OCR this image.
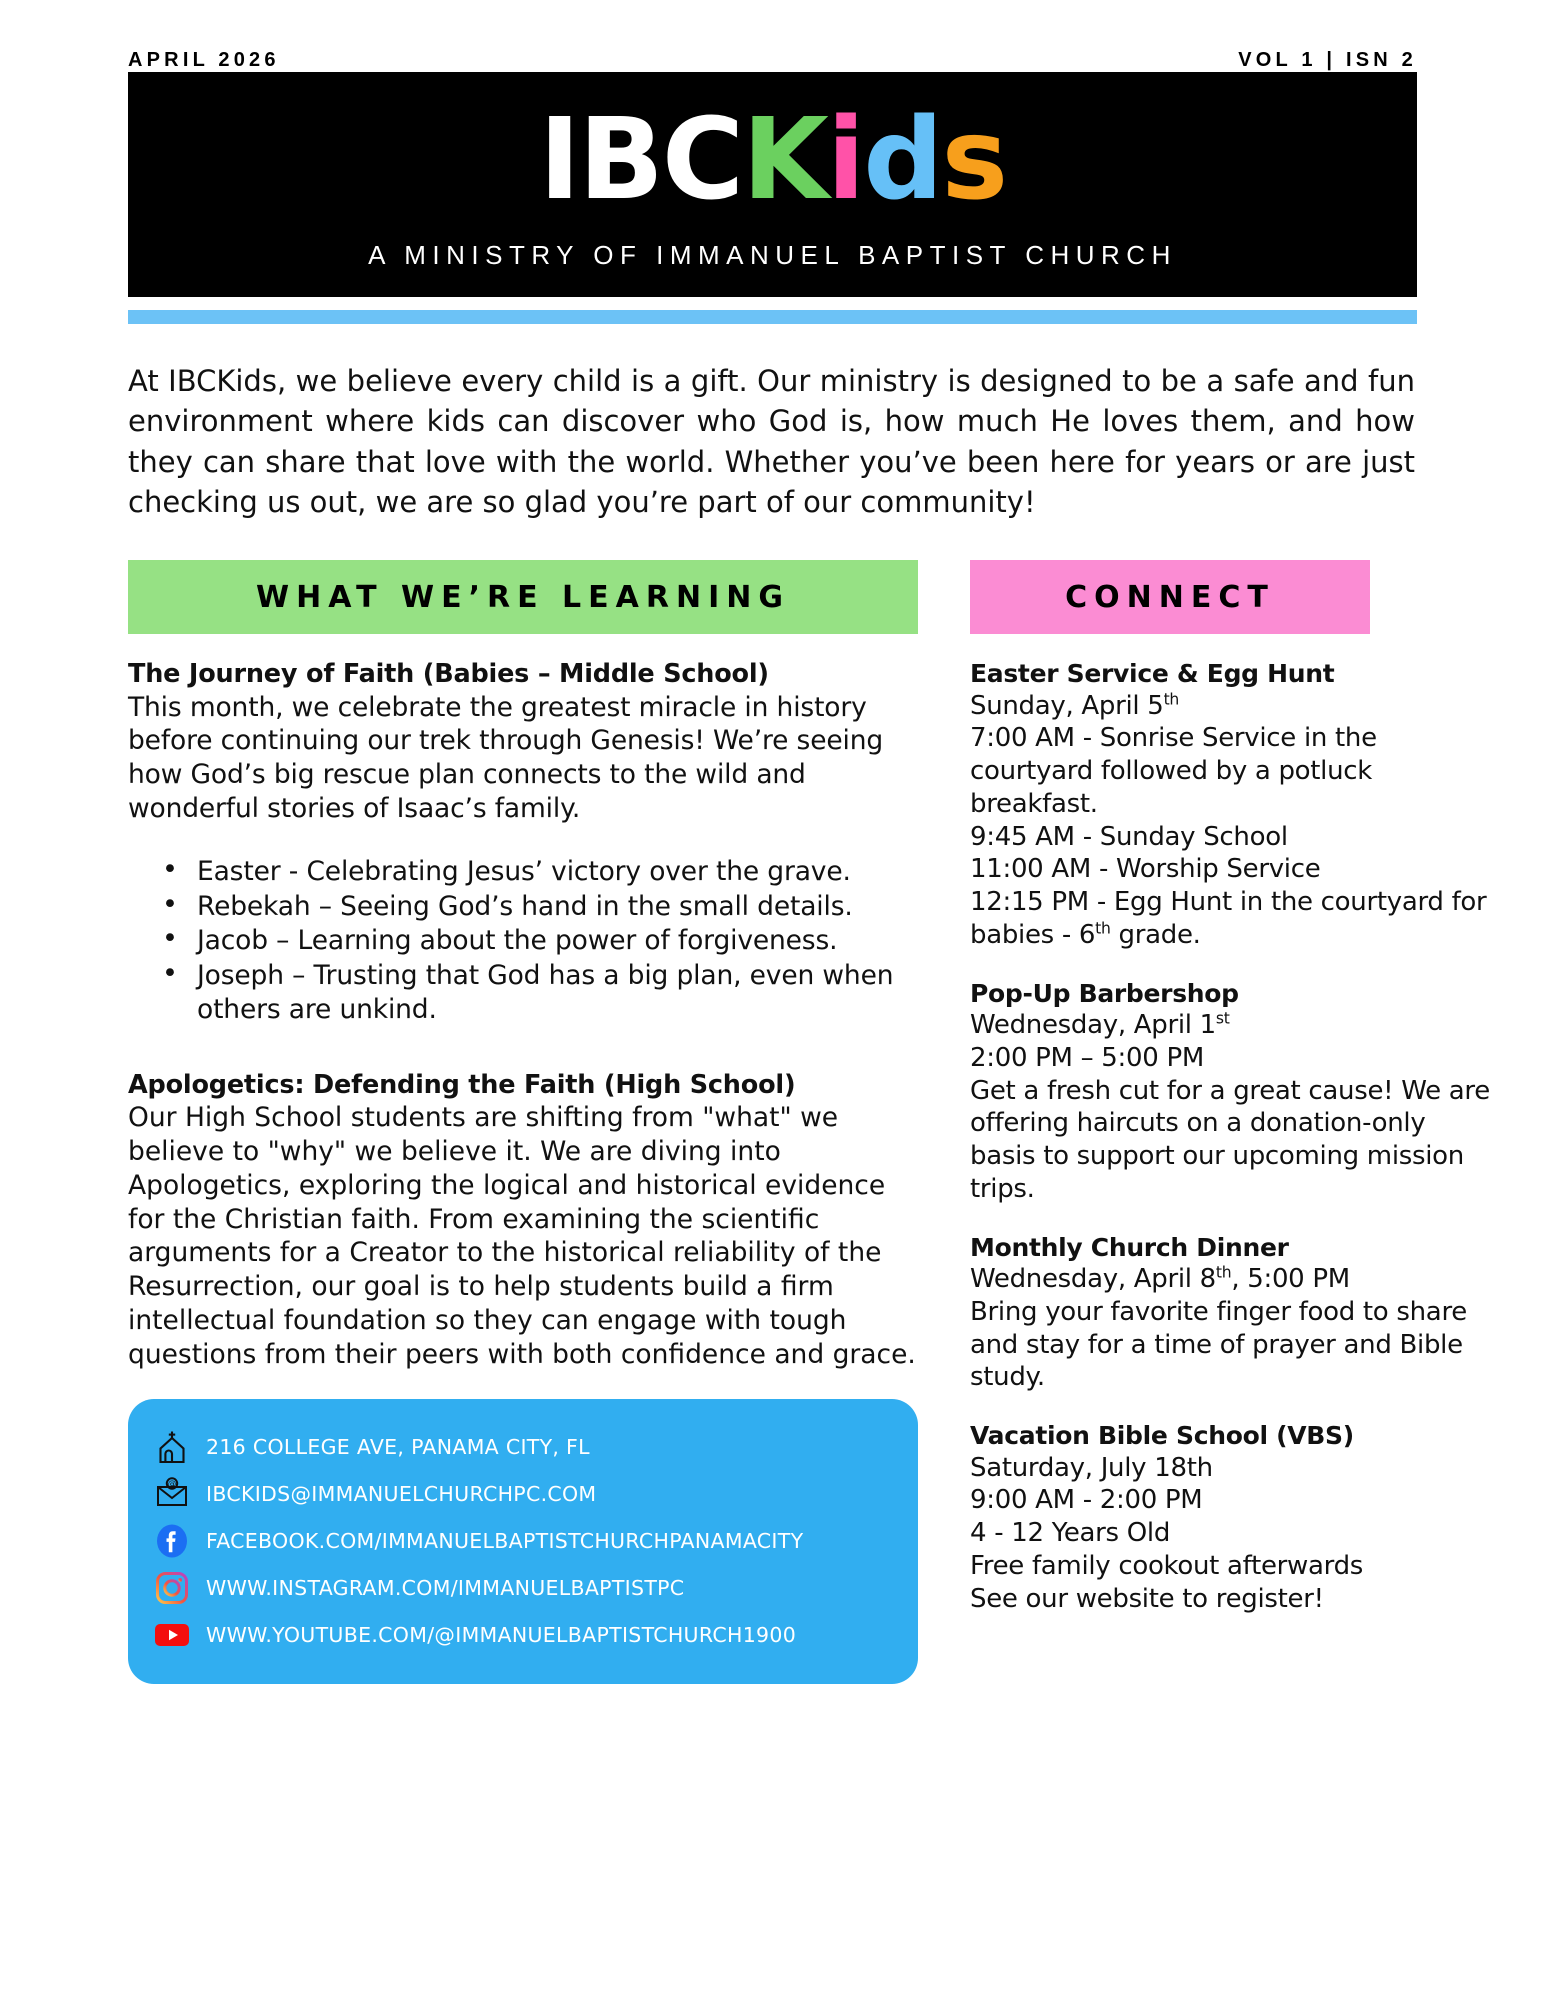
APRIL 2026	VOL 1 | ISN 2
IBCKids
A MINISTRY OF IMMANUEL BAPTIST CHURCH
At IBCKids, we believe every child is a gift. Our ministry is designed to be a safe and fun environment where kids can discover who God is, how much He loves them, and how they can share that love with the world. Whether you’ve been here for years or are just checking us out, we are so glad you’re part of our community!
WHAT WE’RE LEARNING
The Journey of Faith (Babies – Middle School)

This month, we celebrate the greatest miracle in history before continuing our trek through Genesis! We’re seeing how God’s big rescue plan connects to the wild and wonderful stories of Isaac’s family.

• Easter - Celebrating Jesus’ victory over the grave.
• Rebekah – Seeing God’s hand in the small details.
• Jacob – Learning about the power of forgiveness.
• Joseph – Trusting that God has a big plan, even when others are unkind.
Apologetics: Defending the Faith (High School)

Our High School students are shifting from "what" we believe to "why" we believe it. We are diving into Apologetics, exploring the logical and historical evidence for the Christian faith. From examining the scientific arguments for a Creator to the historical reliability of the Resurrection, our goal is to help students build a firm intellectual foundation so they can engage with tough questions from their peers with both confidence and grace.

216 COLLEGE AVE, PANAMA CITY, FL
@ IBCKIDS@IMMANUELCHURCHPC.COM
FACEBOOK.COM/IMMANUELBAPTISTCHURCHPANAMACITY
WWW.INSTAGRAM.COM/IMMANUELBAPTISTPC
WWW.YOUTUBE.COM/@IMMANUELBAPTISTCHURCH1900
CONNECT
Easter Service & Egg Hunt
Sunday, April 5th
7:00 AM - Sonrise Service in the courtyard followed by a potluck breakfast.
9:45 AM - Sunday School
11:00 AM - Worship Service
12:15 PM - Egg Hunt in the courtyard for babies - 6th grade.
Pop-Up Barbershop
Wednesday, April 1st
2:00 PM – 5:00 PM
Get a fresh cut for a great cause! We are offering haircuts on a donation-only basis to support our upcoming mission trips.
Monthly Church Dinner
Wednesday, April 8th, 5:00 PM
Bring your favorite finger food to share and stay for a time of prayer and Bible study.
Vacation Bible School (VBS)
Saturday, July 18th
9:00 AM - 2:00 PM
4 - 12 Years Old
Free family cookout afterwards
See our website to register!
